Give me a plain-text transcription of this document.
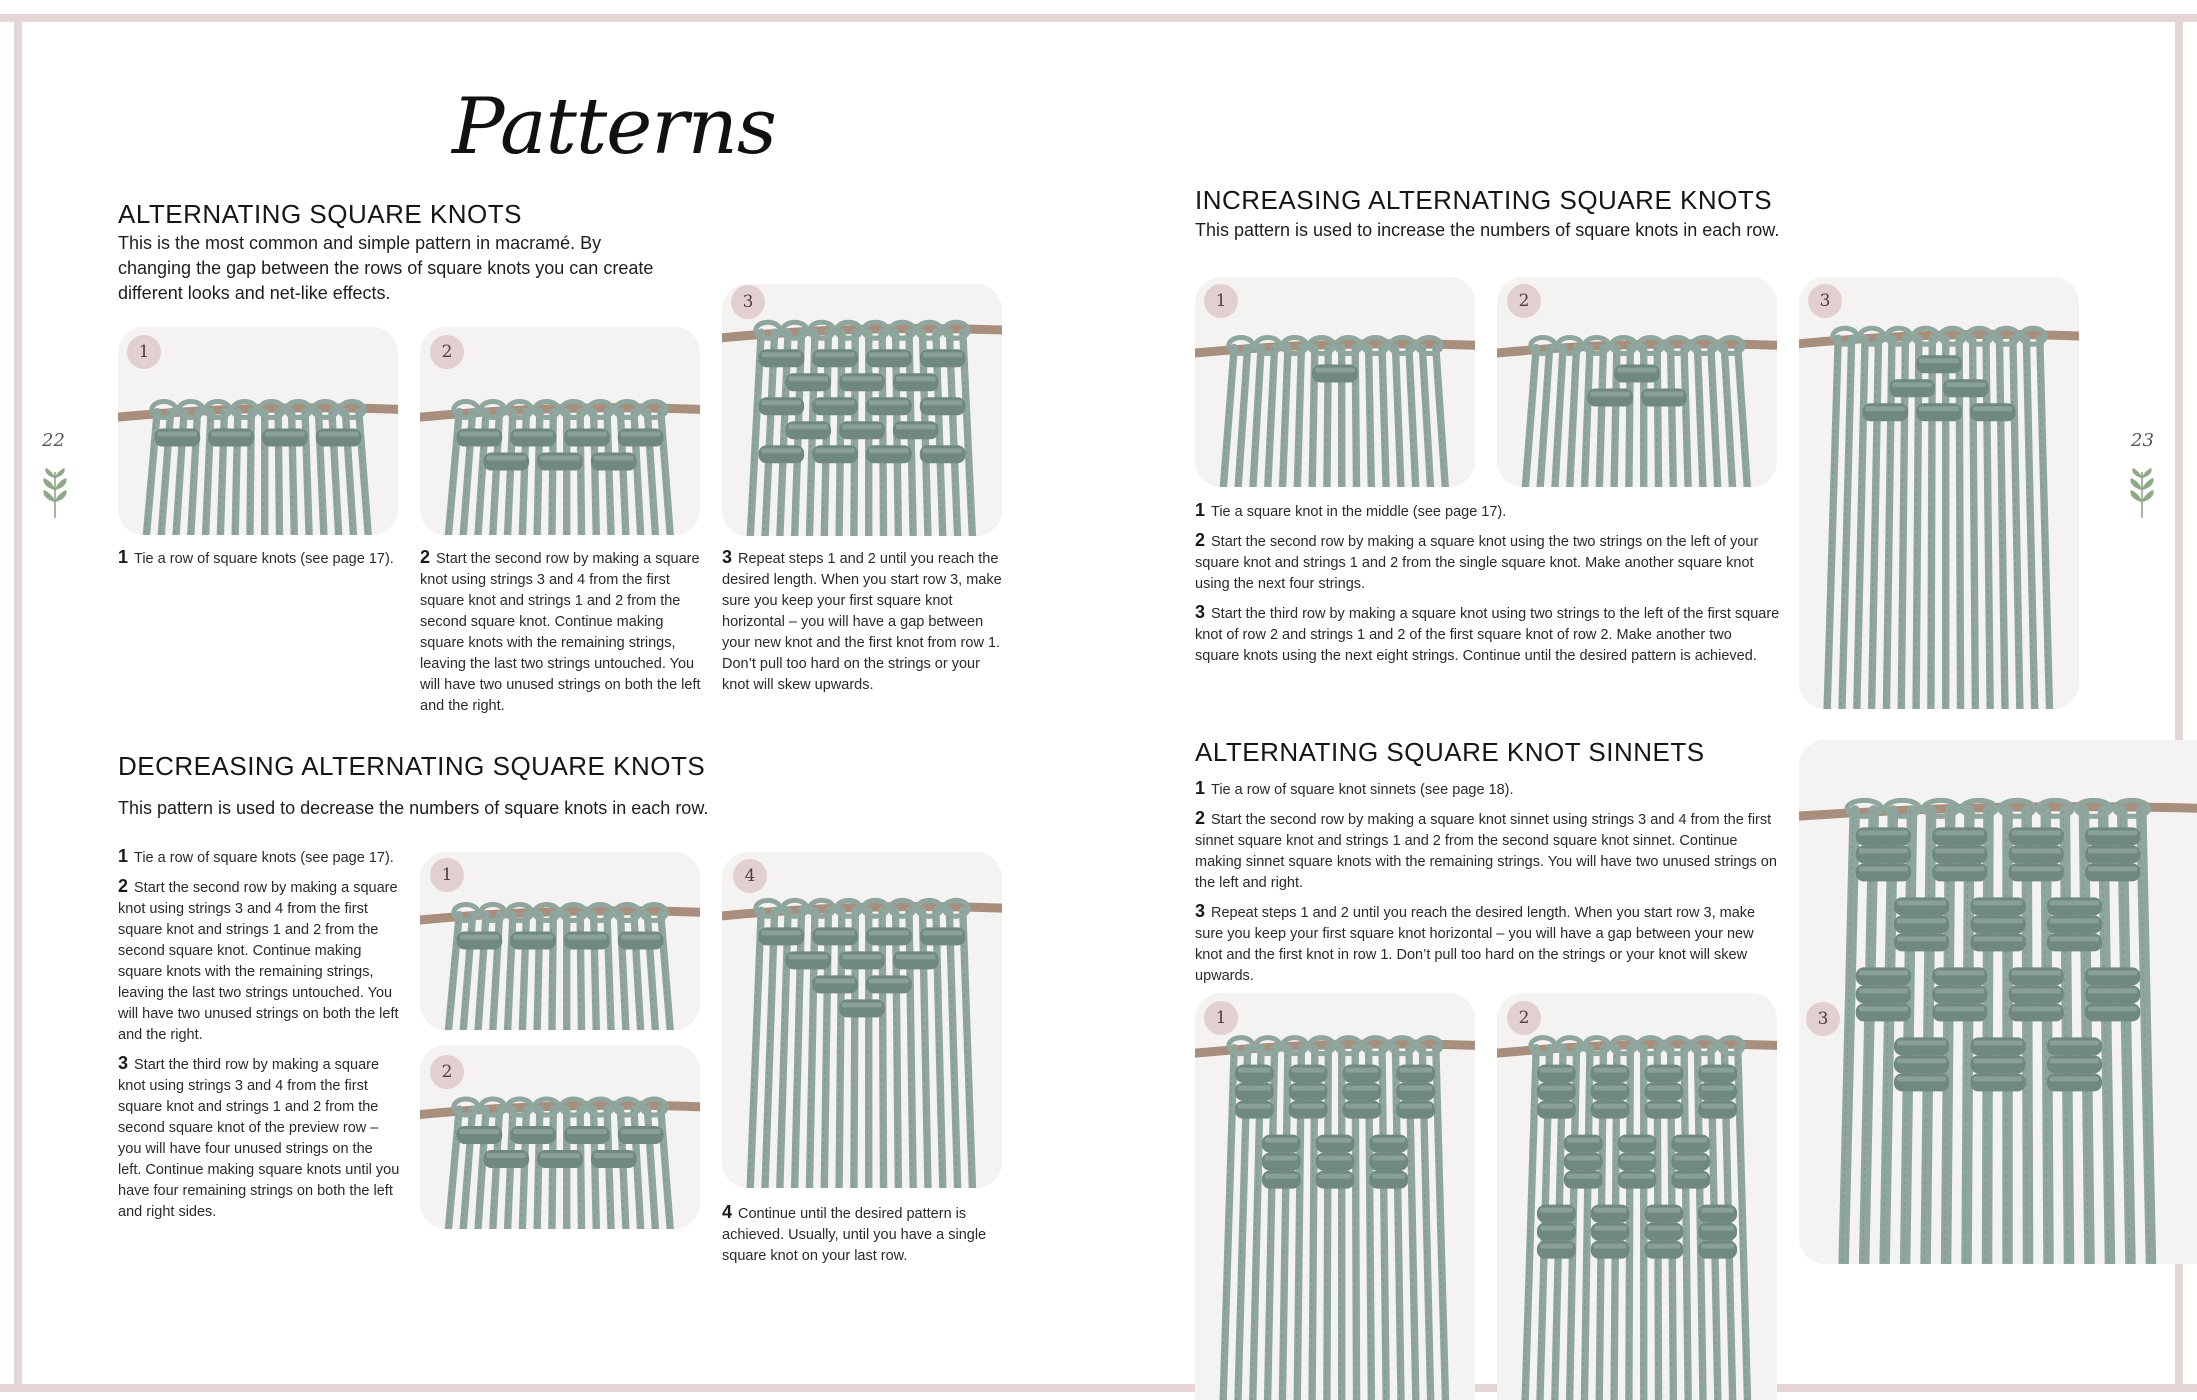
22	23
Patterns
ALTERNATING SQUARE KNOTS
This is the most common and simple pattern in macramé. By changing the gap between the rows of square knots you can create different looks and net-like effects.
1	2
3

1 Tie a row of square knots (see page 17). 2 Start the second row by making a square knot using strings 3 and 4 from the first square knot and strings 1 and 2 from the second square knot. Continue making square knots with the remaining strings, leaving the last two strings untouched. You will have two unused strings on both the left and the right.

3 Repeat steps 1 and 2 until you reach the desired length. When you start row 3, make sure you keep your first square knot horizontal – you will have a gap between your new knot and the first knot from row 1. Don’t pull too hard on the strings or your knot will skew upwards.

DECREASING ALTERNATING SQUARE KNOTS
This pattern is used to decrease the numbers of square knots in each row.

1 Tie a row of square knots (see page 17).

2 Start the second row by making a square knot using strings 3 and 4 from the first square knot and strings 1 and 2 from the second square knot. Continue making square knots with the remaining strings, leaving the last two strings untouched. You will have two unused strings on both the left and the right.

3 Start the third row by making a square knot using strings 3 and 4 from the first square knot and strings 1 and 2 from the second square knot of the preview row – you will have four unused strings on the left. Continue making square knots until you have four remaining strings on both the left and right sides.

1
2
4

4 Continue until the desired pattern is achieved. Usually, until you have a single square knot on your last row.

INCREASING ALTERNATING SQUARE KNOTS
This pattern is used to increase the numbers of square knots in each row.
1	2	3

1 Tie a square knot in the middle (see page 17).

2 Start the second row by making a square knot using the two strings on the left of your square knot and strings 1 and 2 from the single square knot. Make another square knot using the next four strings.

3 Start the third row by making a square knot using two strings to the left of the first square knot of row 2 and strings 1 and 2 of the first square knot of row 2. Make another two square knots using the next eight strings. Continue until the desired pattern is achieved.

ALTERNATING SQUARE KNOT SINNETS

1 Tie a row of square knot sinnets (see page 18).

2 Start the second row by making a square knot sinnet using strings 3 and 4 from the first sinnet square knot and strings 1 and 2 from the second square knot sinnet. Continue making sinnet square knots with the remaining strings. You will have two unused strings on the left and right.

3 Repeat steps 1 and 2 until you reach the desired length. When you start row 3, make sure you keep your first square knot horizontal – you will have a gap between your new knot and the first knot in row 1. Don’t pull too hard on the strings or your knot will skew upwards.

1	2	3
